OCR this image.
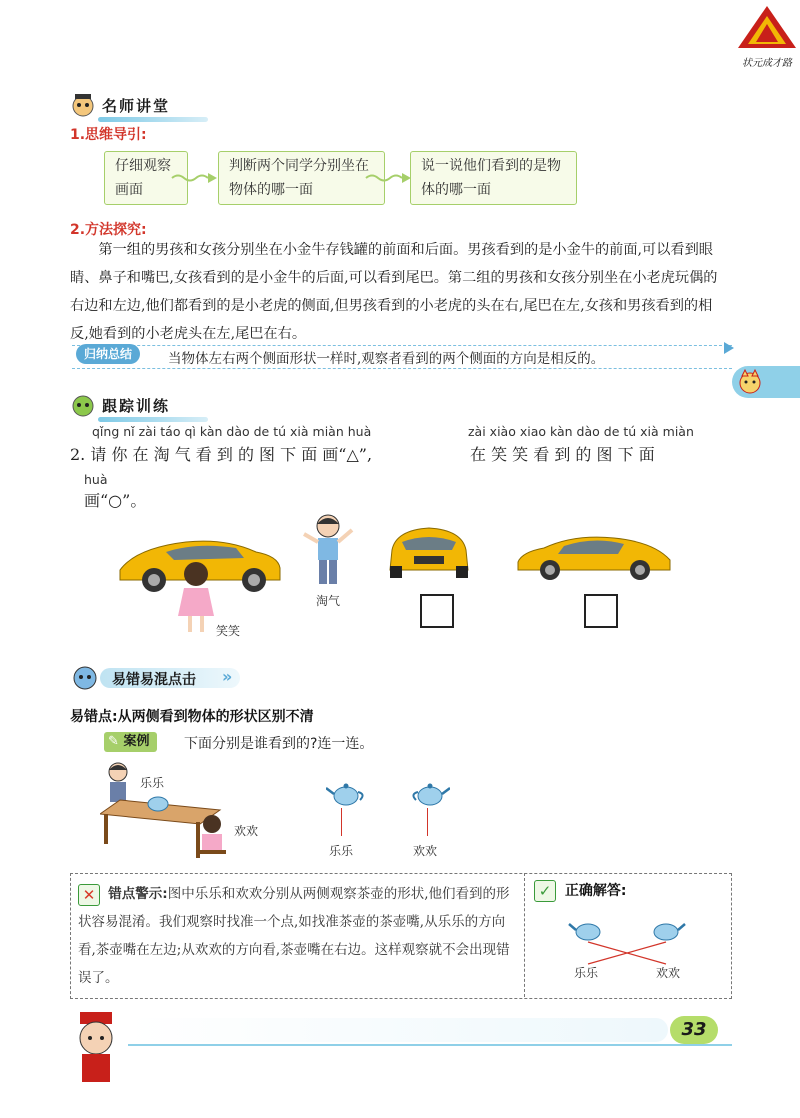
状元成才路
名师讲堂
1.思维导引:
仔细观察画面
判断两个同学分别坐在物体的哪一面
说一说他们看到的是物体的哪一面
2.方法探究:
第一组的男孩和女孩分别坐在小金牛存钱罐的前面和后面。男孩看到的是小金牛的前面,可以看到眼睛、鼻子和嘴巴,女孩看到的是小金牛的后面,可以看到尾巴。第二组的男孩和女孩分别坐在小老虎玩偶的右边和左边,他们都看到的是小老虎的侧面,但男孩看到的小老虎的头在右,尾巴在左,女孩和男孩看到的相反,她看到的小老虎头在左,尾巴在右。
归纳总结	当物体左右两个侧面形状一样时,观察者看到的两个侧面的方向是相反的。
跟踪训练
qǐng nǐ zài táo qì kàn dào de tú xià miàn huà	zài xiào xiao kàn dào de tú xià miàn
2. 请 你 在 淘 气 看 到 的 图 下 面 画“△”,	在 笑 笑 看 到 的 图 下 面
huà
画“○”。
笑笑
淘气
易错易混点击 »
易错点:从两侧看到物体的形状区别不清
✎ 案例	下面分别是谁看到的?连一连。
乐乐
欢欢
乐乐	欢欢
✕ 错点警示:图中乐乐和欢欢分别从两侧观察茶壶的形状,他们看到的形状容易混淆。我们观察时找准一个点,如找准茶壶的茶壶嘴,从乐乐的方向看,茶壶嘴在左边;从欢欢的方向看,茶壶嘴在右边。这样观察就不会出现错误了。
✓ 正确解答:
乐乐	欢欢
33
